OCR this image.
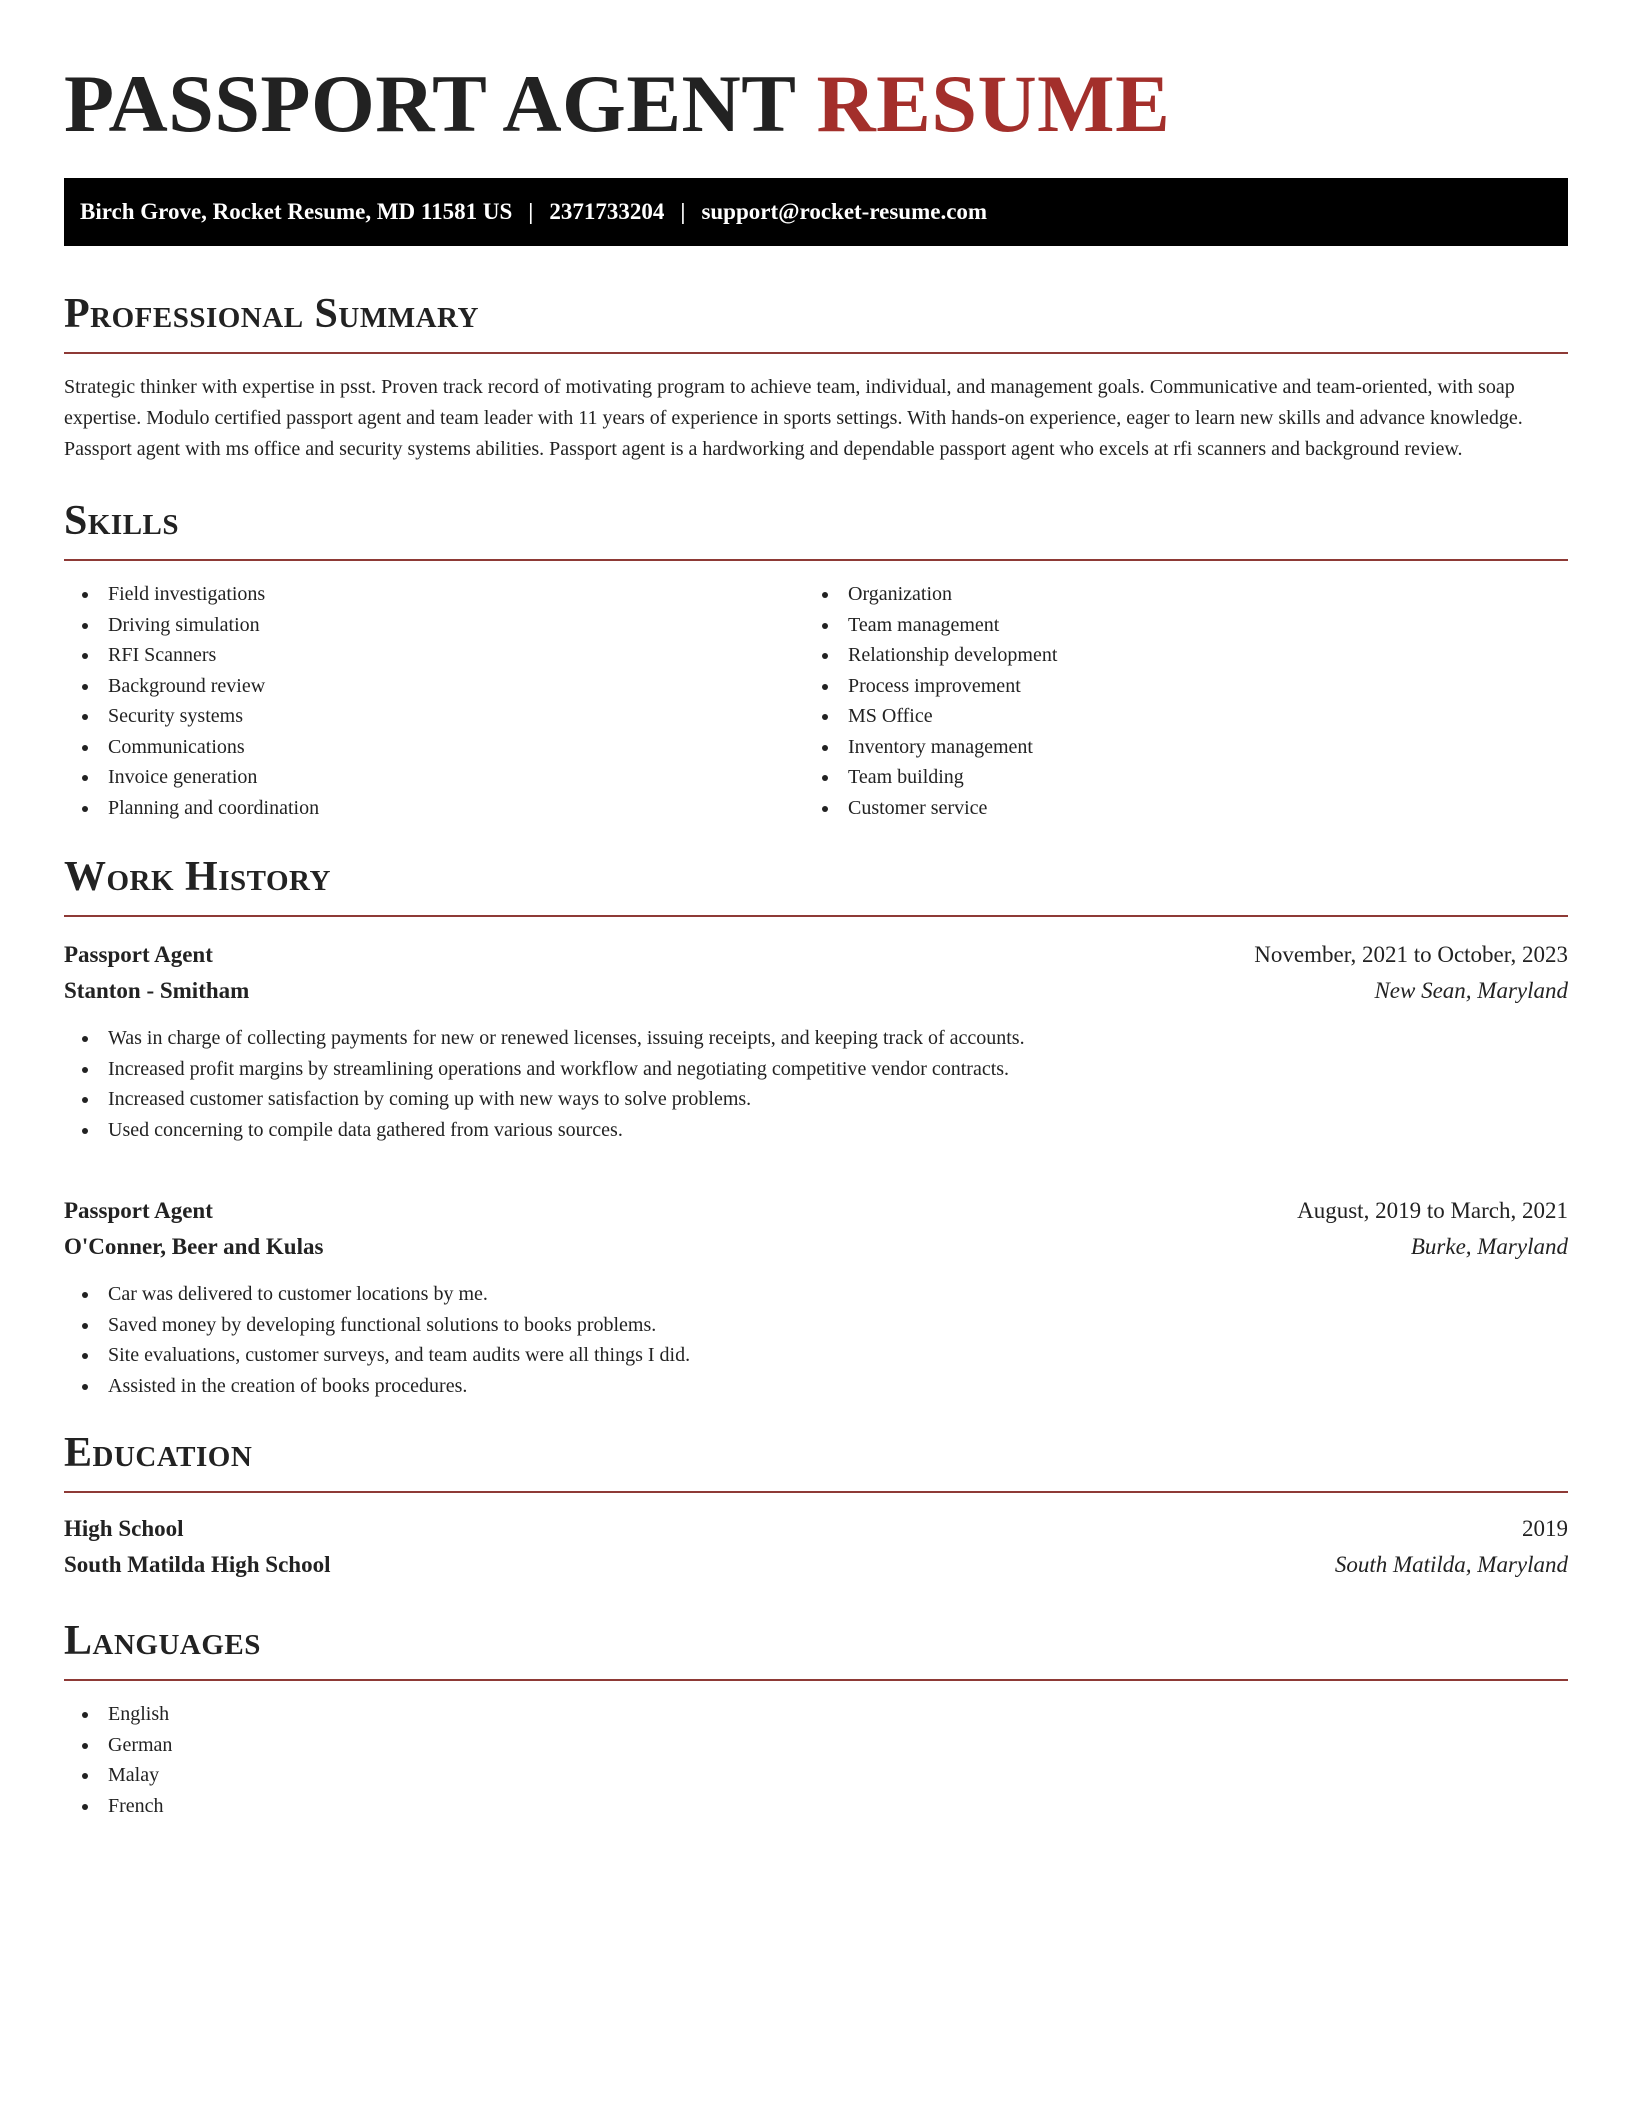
PASSPORT AGENT RESUME
Birch Grove, Rocket Resume, MD 11581 US | 2371733204 | support@rocket-resume.com
Professional Summary

Strategic thinker with expertise in psst. Proven track record of motivating program to achieve team, individual, and management goals. Communicative and team-oriented, with soap expertise. Modulo certified passport agent and team leader with 11 years of experience in sports settings. With hands-on experience, eager to learn new skills and advance knowledge. Passport agent with ms office and security systems abilities. Passport agent is a hardworking and dependable passport agent who excels at rfi scanners and background review.

Skills
Field investigations
Driving simulation
RFI Scanners
Background review
Security systems
Communications
Invoice generation
Planning and coordination
Organization
Team management
Relationship development
Process improvement
MS Office
Inventory management
Team building
Customer service
Work History
Passport Agent	November, 2021 to October, 2023
Stanton - Smitham	New Sean, Maryland
Was in charge of collecting payments for new or renewed licenses, issuing receipts, and keeping track of accounts.
Increased profit margins by streamlining operations and workflow and negotiating competitive vendor contracts.
Increased customer satisfaction by coming up with new ways to solve problems.
Used concerning to compile data gathered from various sources.
Passport Agent	August, 2019 to March, 2021
O'Conner, Beer and Kulas	Burke, Maryland
Car was delivered to customer locations by me.
Saved money by developing functional solutions to books problems.
Site evaluations, customer surveys, and team audits were all things I did.
Assisted in the creation of books procedures.
Education
High School	2019
South Matilda High School	South Matilda, Maryland
Languages
English
German
Malay
French
